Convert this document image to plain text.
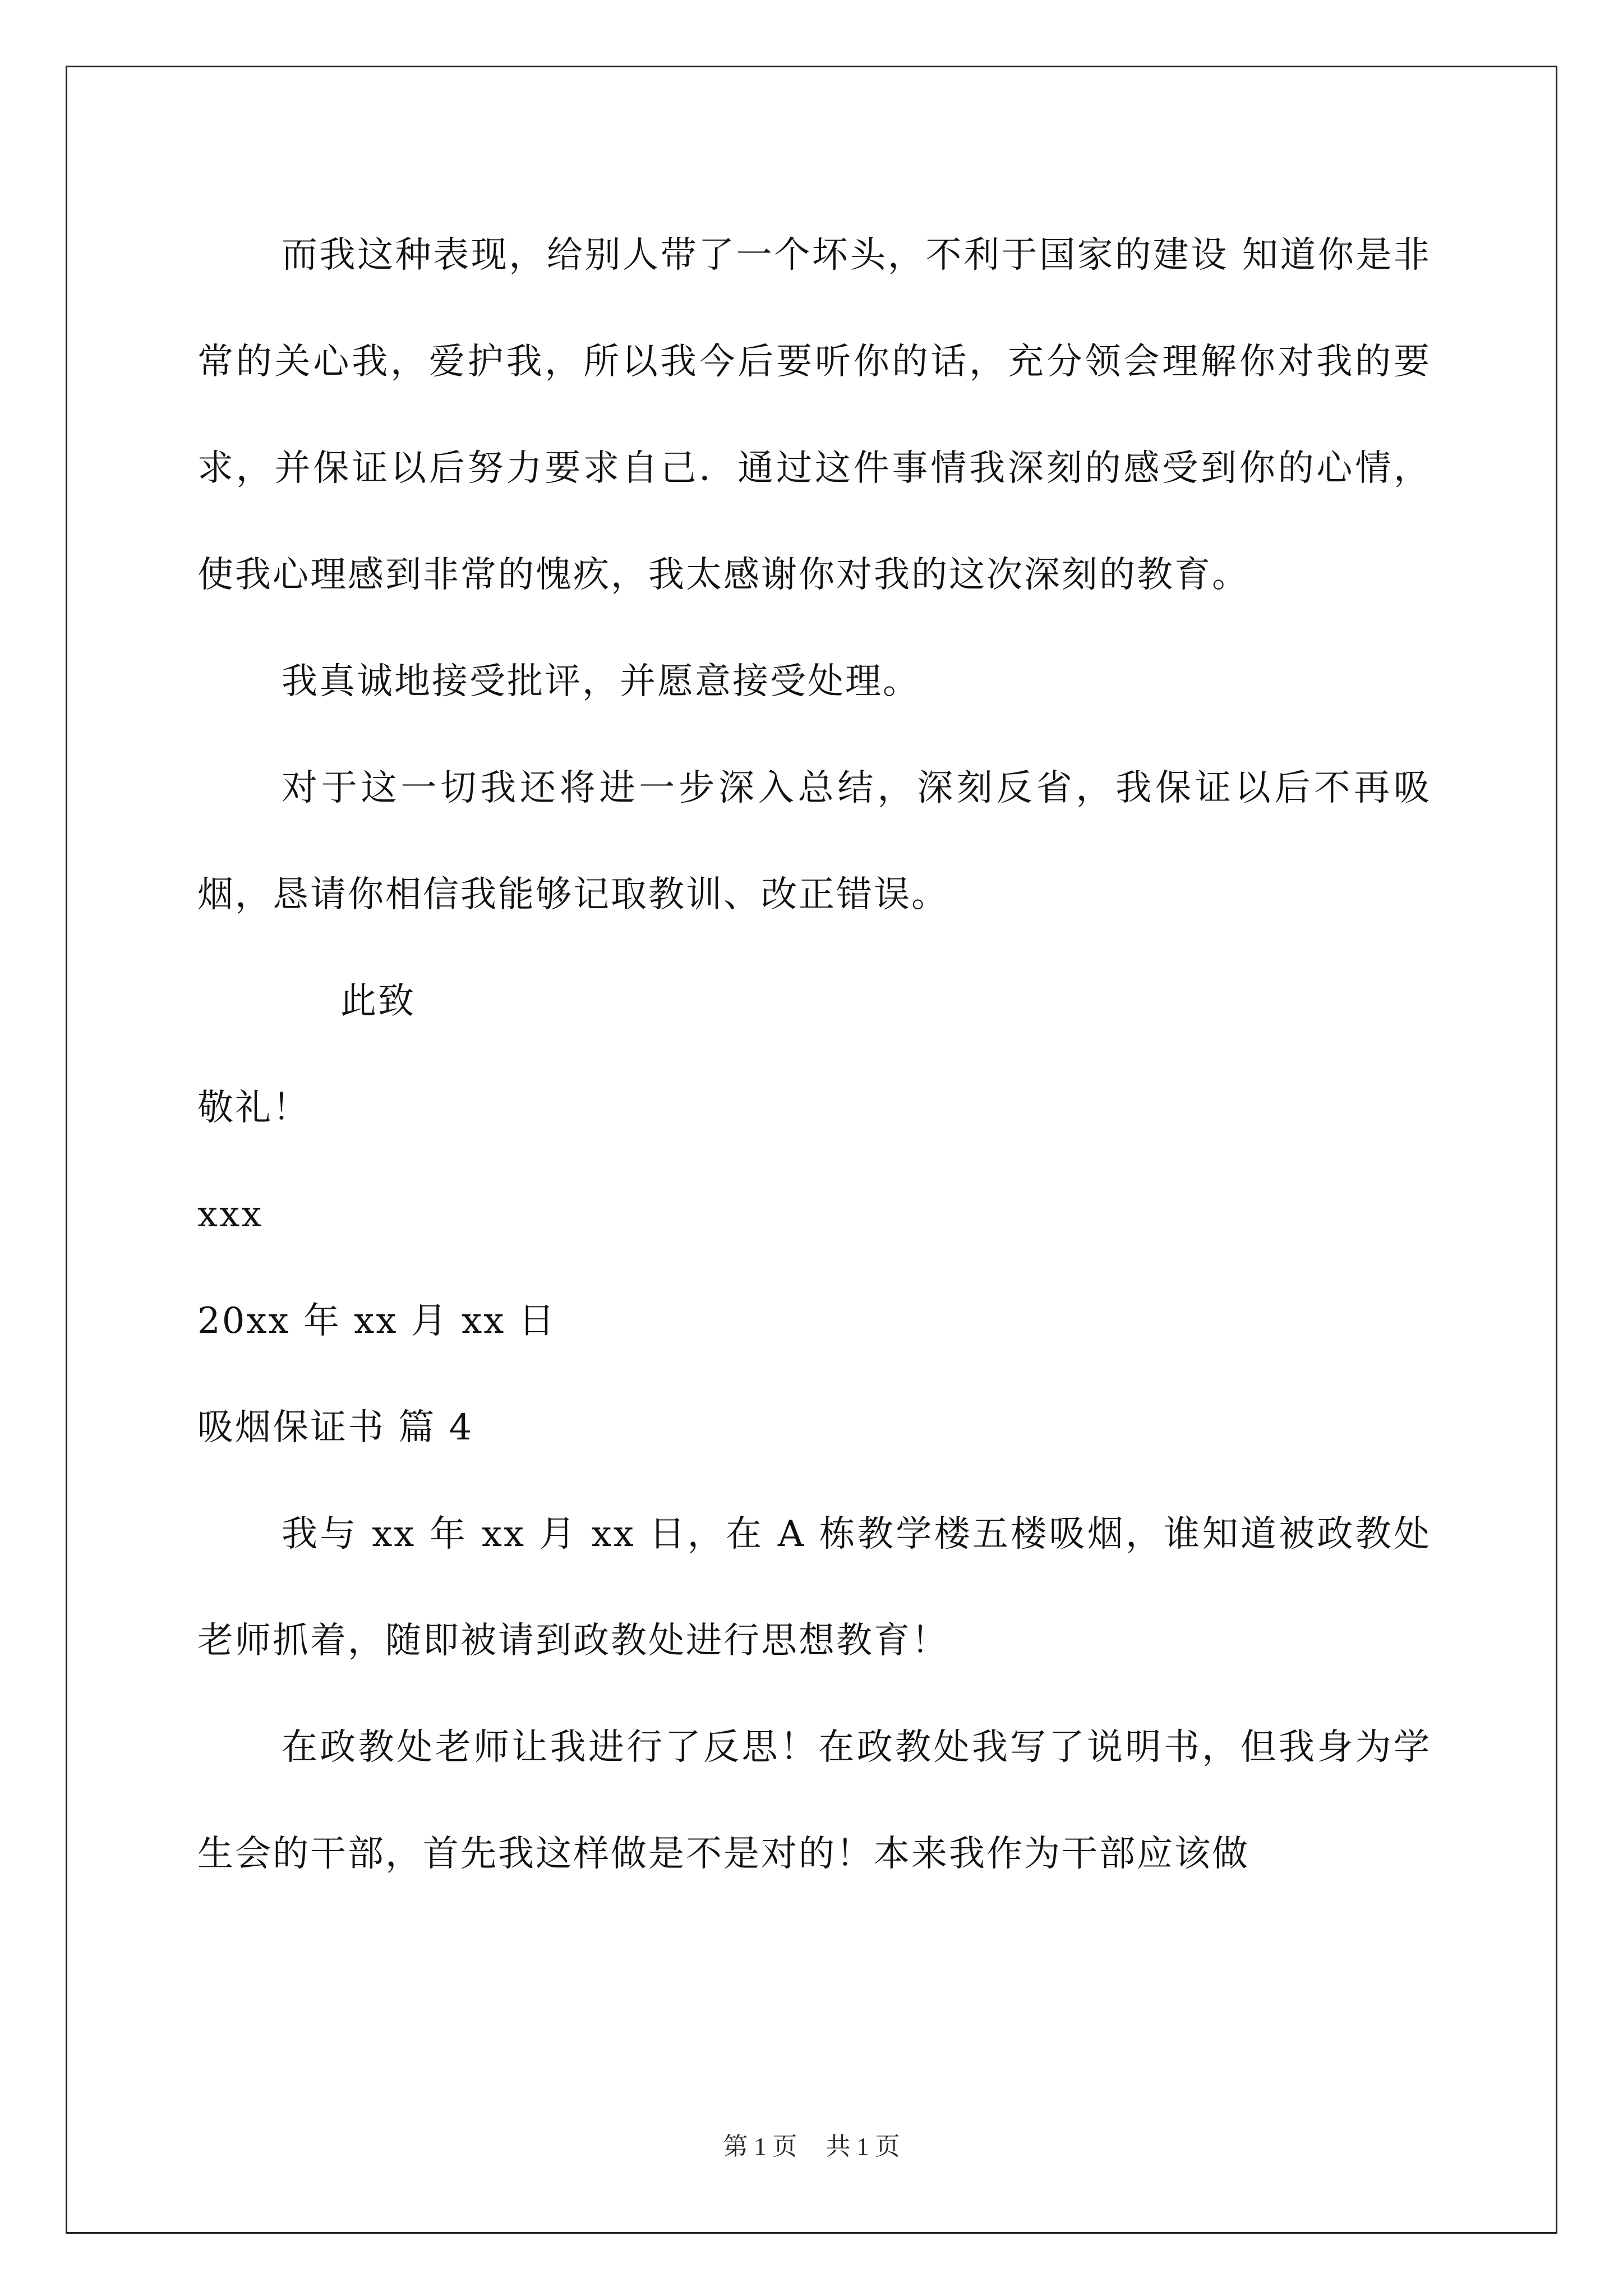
而我这种表现，给别人带了一个坏头，不利于国家的建设 知道你是非常的关心我，爱护我，所以我今后要听你的话，充分领会理解你对我的要求，并保证以后努力要求自己．通过这件事情我深刻的感受到你的心情，使我心理感到非常的愧疚，我太感谢你对我的这次深刻的教育。

我真诚地接受批评，并愿意接受处理。

对于这一切我还将进一步深入总结，深刻反省，我保证以后不再吸烟，恳请你相信我能够记取教训、改正错误。

此致

敬礼！

xxx

20xx 年 xx 月 xx 日

吸烟保证书 篇 4

我与 xx 年 xx 月 xx 日，在 A 栋教学楼五楼吸烟，谁知道被政教处老师抓着，随即被请到政教处进行思想教育！

在政教处老师让我进行了反思！在政教处我写了说明书，但我身为学生会的干部，首先我这样做是不是对的！本来我作为干部应该做

第 1 页 共 1 页
